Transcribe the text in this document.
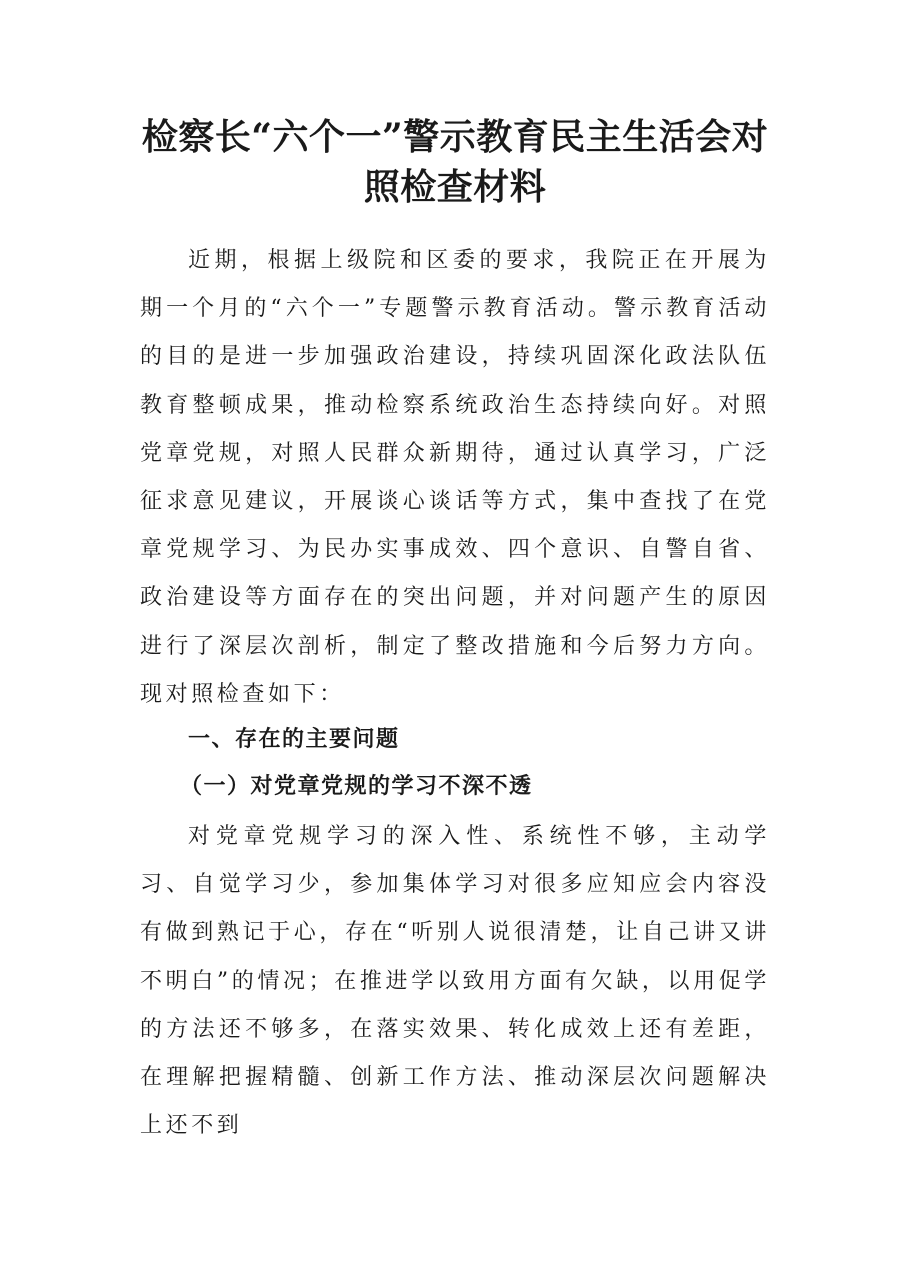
检察长“六个一”警示教育民主生活会对
照检查材料

近期，根据上级院和区委的要求，我院正在开展为期一个月的“六个一”专题警示教育活动。警示教育活动的目的是进一步加强政治建设，持续巩固深化政法队伍教育整顿成果，推动检察系统政治生态持续向好。对照党章党规，对照人民群众新期待，通过认真学习，广泛征求意见建议，开展谈心谈话等方式，集中查找了在党章党规学习、为民办实事成效、四个意识、自警自省、政治建设等方面存在的突出问题，并对问题产生的原因进行了深层次剖析，制定了整改措施和今后努力方向。现对照检查如下：

一、存在的主要问题

（一）对党章党规的学习不深不透

对党章党规学习的深入性、系统性不够，主动学习、自觉学习少，参加集体学习对很多应知应会内容没有做到熟记于心，存在“听别人说很清楚，让自己讲又讲不明白”的情况；在推进学以致用方面有欠缺，以用促学的方法还不够多，在落实效果、转化成效上还有差距，在理解把握精髓、创新工作方法、推动深层次问题解决上还不到
